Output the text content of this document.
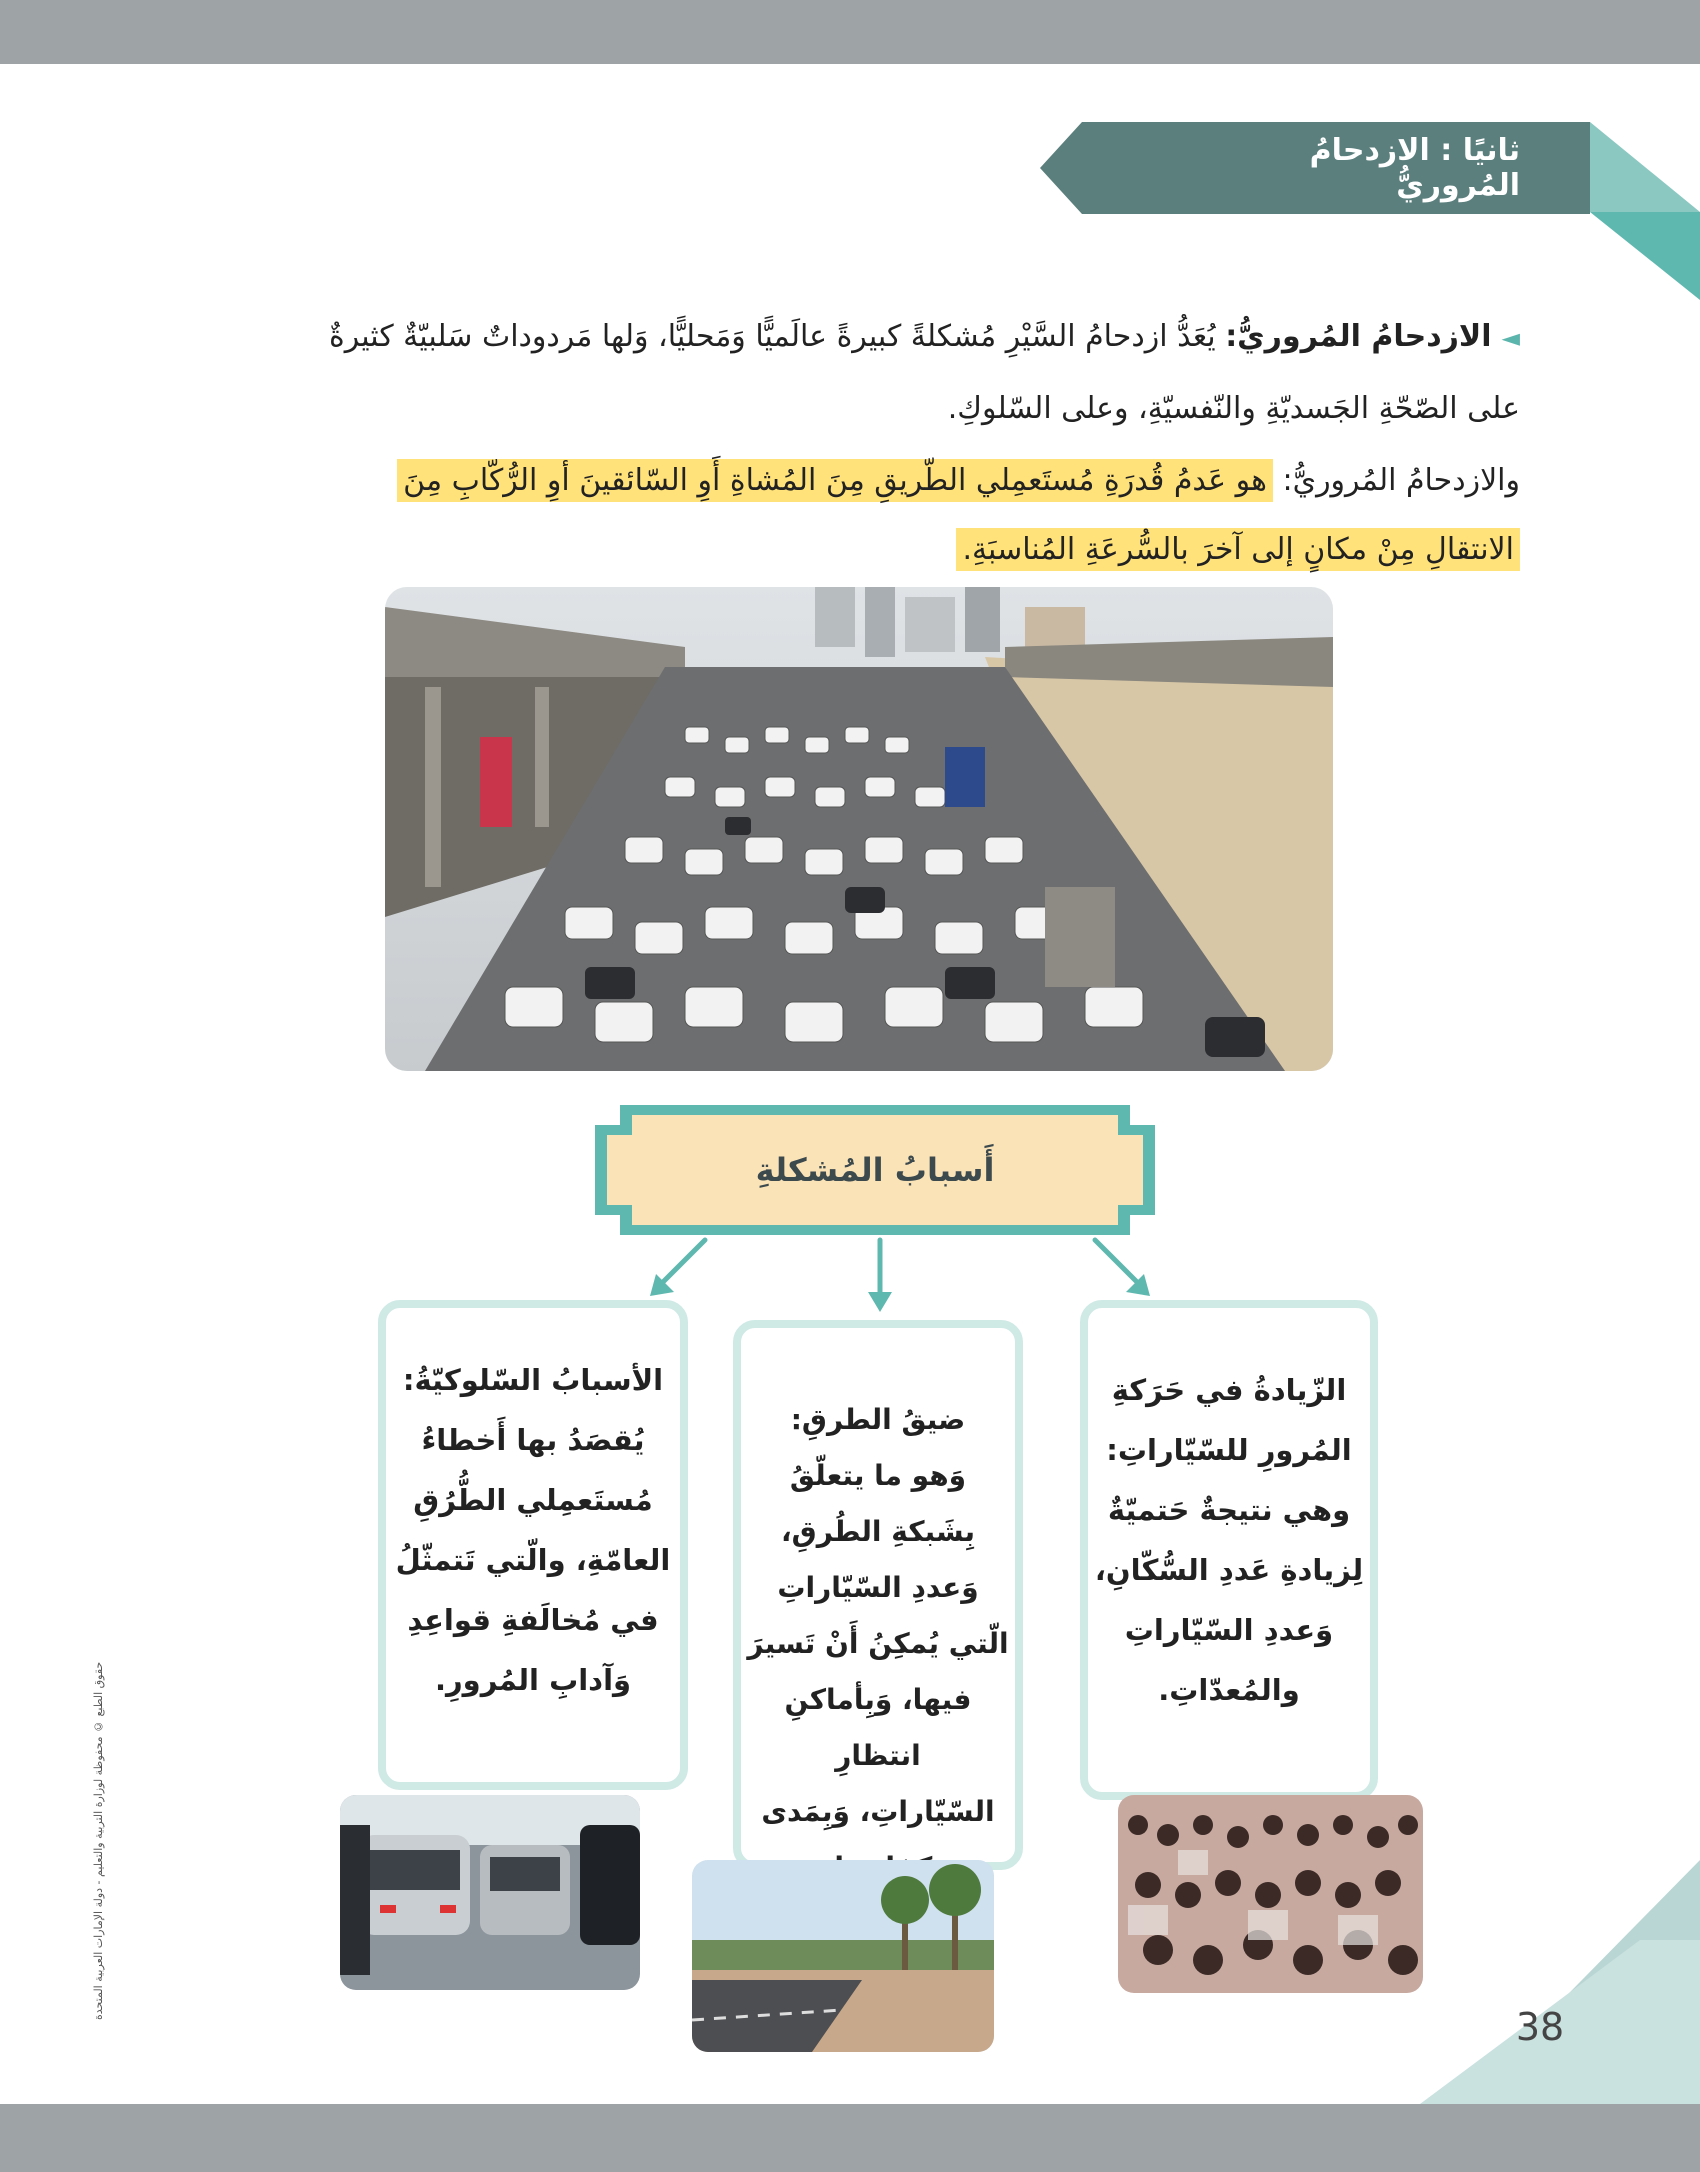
ثانيًا : الازدحامُ المُروريُّ
◄الازدحامُ المُروريُّ: يُعَدُّ ازدحامُ السَّيْرِ مُشكلةً كبيرةً عالَميًّا وَمَحليًّا، وَلها مَردوداتٌ سَلبيّةٌ كثيرةٌ
على الصّحّةِ الجَسديّةِ والنّفسيّةِ، وعلى السّلوكِ.
والازدحامُ المُروريُّ: هو عَدمُ قُدرَةِ مُستَعمِلي الطّريقِ مِنَ المُشاةِ أَوِ السّائقينَ أوِ الرُّكّابِ مِنَ
الانتقالِ مِنْ مكانٍ إلى آخرَ بالسُّرعَةِ المُناسبَةِ.
أَسبابُ المُشكلةِ
الزّيادةُ في حَرَكةِ
المُرورِ للسّيّاراتِ:
وهي نتيجةٌ حَتميّةٌ
لِزيادةِ عَددِ السُّكّانِ،
وَعددِ السّيّاراتِ
والمُعدّاتِ.
ضيقُ الطرقِ:
وَهو ما يتعلّقُ
بِشَبكةِ الطُرقِ،
وَعددِ السّيّاراتِ
الّتي يُمكِنُ أَنْ تَسيرَ
فيها، وَبِأماكنِ انتظارِ
السّيّاراتِ، وَبِمَدى
الأسبابُ السّلوكيّةُ:
يُقصَدُ بها أَخطاءُ
مُستَعمِلي الطُّرُقِ
العامّةِ، والّتي تَتمثّلُ
في مُخالَفةِ قواعِدِ
وَآدابِ المُرورِ.
حقوق الطبع © محفوظة لوزارة التربية والتعليم - دولة الإمارات العربية المتحدة
38
